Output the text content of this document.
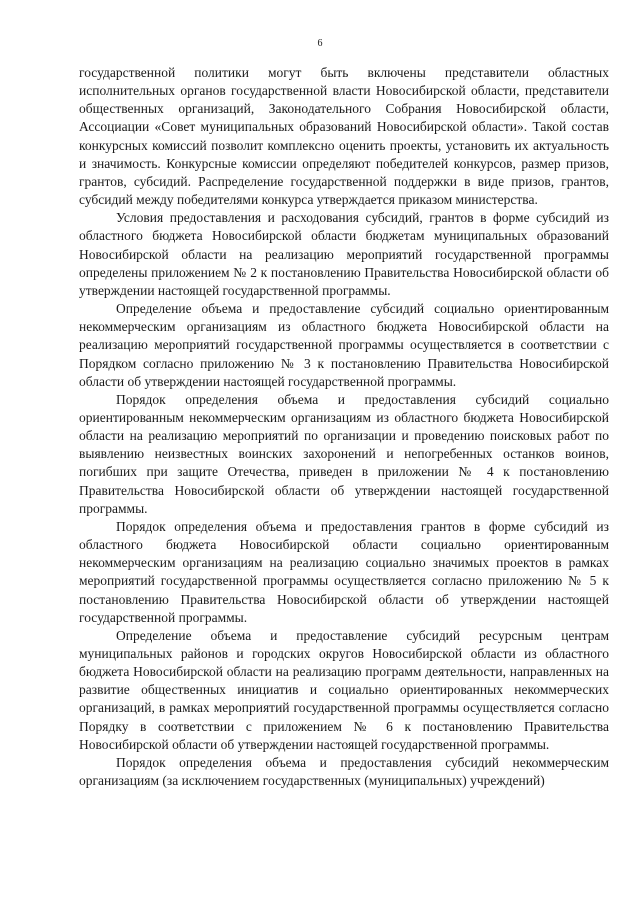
6

государственной политики могут быть включены представители областных исполнительных органов государственной власти Новосибирской области, представители общественных организаций, Законодательного Собрания Новосибирской области, Ассоциации «Совет муниципальных образований Новосибирской области». Такой состав конкурсных комиссий позволит комплексно оценить проекты, установить их актуальность и значимость. Конкурсные комиссии определяют победителей конкурсов, размер призов, грантов, субсидий. Распределение государственной поддержки в виде призов, грантов, субсидий между победителями конкурса утверждается приказом министерства.

Условия предоставления и расходования субсидий, грантов в форме субсидий из областного бюджета Новосибирской области бюджетам муниципальных образований Новосибирской области на реализацию мероприятий государственной программы определены приложением № 2 к постановлению Правительства Новосибирской области об утверждении настоящей государственной программы.

Определение объема и предоставление субсидий социально ориентированным некоммерческим организациям из областного бюджета Новосибирской области на реализацию мероприятий государственной программы осуществляется в соответствии с Порядком согласно приложению № 3 к постановлению Правительства Новосибирской области об утверждении настоящей государственной программы.

Порядок определения объема и предоставления субсидий социально ориентированным некоммерческим организациям из областного бюджета Новосибирской области на реализацию мероприятий по организации и проведению поисковых работ по выявлению неизвестных воинских захоронений и непогребенных останков воинов, погибших при защите Отечества, приведен в приложении № 4 к постановлению Правительства Новосибирской области об утверждении настоящей государственной программы.

Порядок определения объема и предоставления грантов в форме субсидий из областного бюджета Новосибирской области социально ориентированным некоммерческим организациям на реализацию социально значимых проектов в рамках мероприятий государственной программы осуществляется согласно приложению № 5 к постановлению Правительства Новосибирской области об утверждении настоящей государственной программы.

Определение объема и предоставление субсидий ресурсным центрам муниципальных районов и городских округов Новосибирской области из областного бюджета Новосибирской области на реализацию программ деятельности, направленных на развитие общественных инициатив и социально ориентированных некоммерческих организаций, в рамках мероприятий государственной программы осуществляется согласно Порядку в соответствии с приложением № 6 к постановлению Правительства Новосибирской области об утверждении настоящей государственной программы.

Порядок определения объема и предоставления субсидий некоммерческим организациям (за исключением государственных (муниципальных) учреждений)
